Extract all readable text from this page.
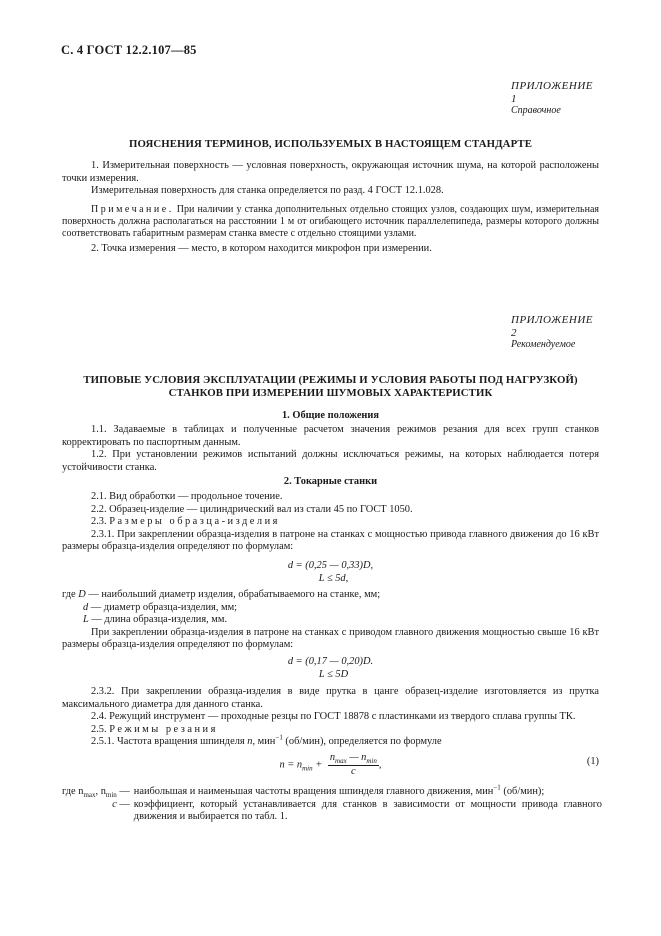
С. 4 ГОСТ 12.2.107—85
ПРИЛОЖЕНИЕ 1
Справочное
ПОЯСНЕНИЯ ТЕРМИНОВ, ИСПОЛЬЗУЕМЫХ В НАСТОЯЩЕМ СТАНДАРТЕ

1. Измерительная поверхность — условная поверхность, окружающая источник шума, на которой расположены точки измерения.

Измерительная поверхность для станка определяется по разд. 4 ГОСТ 12.1.028.

Примечание. При наличии у станка дополнительных отдельно стоящих узлов, создающих шум, измерительная поверхность должна располагаться на расстоянии 1 м от огибающего источник параллелепипеда, размеры которого должны соответствовать габаритным размерам станка вместе с отдельно стоящими узлами.

2. Точка измерения — место, в котором находится микрофон при измерении.

ПРИЛОЖЕНИЕ 2
Рекомендуемое
ТИПОВЫЕ УСЛОВИЯ ЭКСПЛУАТАЦИИ (РЕЖИМЫ И УСЛОВИЯ РАБОТЫ ПОД НАГРУЗКОЙ)
СТАНКОВ ПРИ ИЗМЕРЕНИИ ШУМОВЫХ ХАРАКТЕРИСТИК
1. Общие положения

1.1. Задаваемые в таблицах и полученные расчетом значения режимов резания для всех групп станков корректировать по паспортным данным.

1.2. При установлении режимов испытаний должны исключаться режимы, на которых наблюдается потеря устойчивости станка.

2. Токарные станки

2.1. Вид обработки — продольное точение.

2.2. Образец-изделие — цилиндрический вал из стали 45 по ГОСТ 1050.

2.3. Размеры образца-изделия

2.3.1. При закреплении образца-изделия в патроне на станках с мощностью привода главного движения до 16 кВт размеры образца-изделия определяют по формулам:

d = (0,25 — 0,33)D,
L ≤ 5d,

где D — наибольший диаметр изделия, обрабатываемого на станке, мм;

d — диаметр образца-изделия, мм;

L — длина образца-изделия, мм.

При закреплении образца-изделия в патроне на станках с приводом главного движения мощностью свыше 16 кВт размеры образца-изделия определяют по формулам:

d = (0,17 — 0,20)D.
L ≤ 5D

2.3.2. При закреплении образца-изделия в виде прутка в цанге образец-изделие изготовляется из прутка максимального диаметра для данного станка.

2.4. Режущий инструмент — проходные резцы по ГОСТ 18878 с пластинками из твердого сплава группы ТК.

2.5. Режимы резания

2.5.1. Частота вращения шпинделя n, мин$^{-1}$ (об/мин), определяется по формуле

$n = n_{min} + \frac{n_{max} — n_{min}}{c}$ ,	(1)
где $n_{max}$, $n_{min}$ —	наибольшая и наименьшая частоты вращения шпинделя главного движения, мин$^{-1}$ (об/мин);
c —	коэффициент, который устанавливается для станков в зависимости от мощности привода главного движения и выбирается по табл. 1.
